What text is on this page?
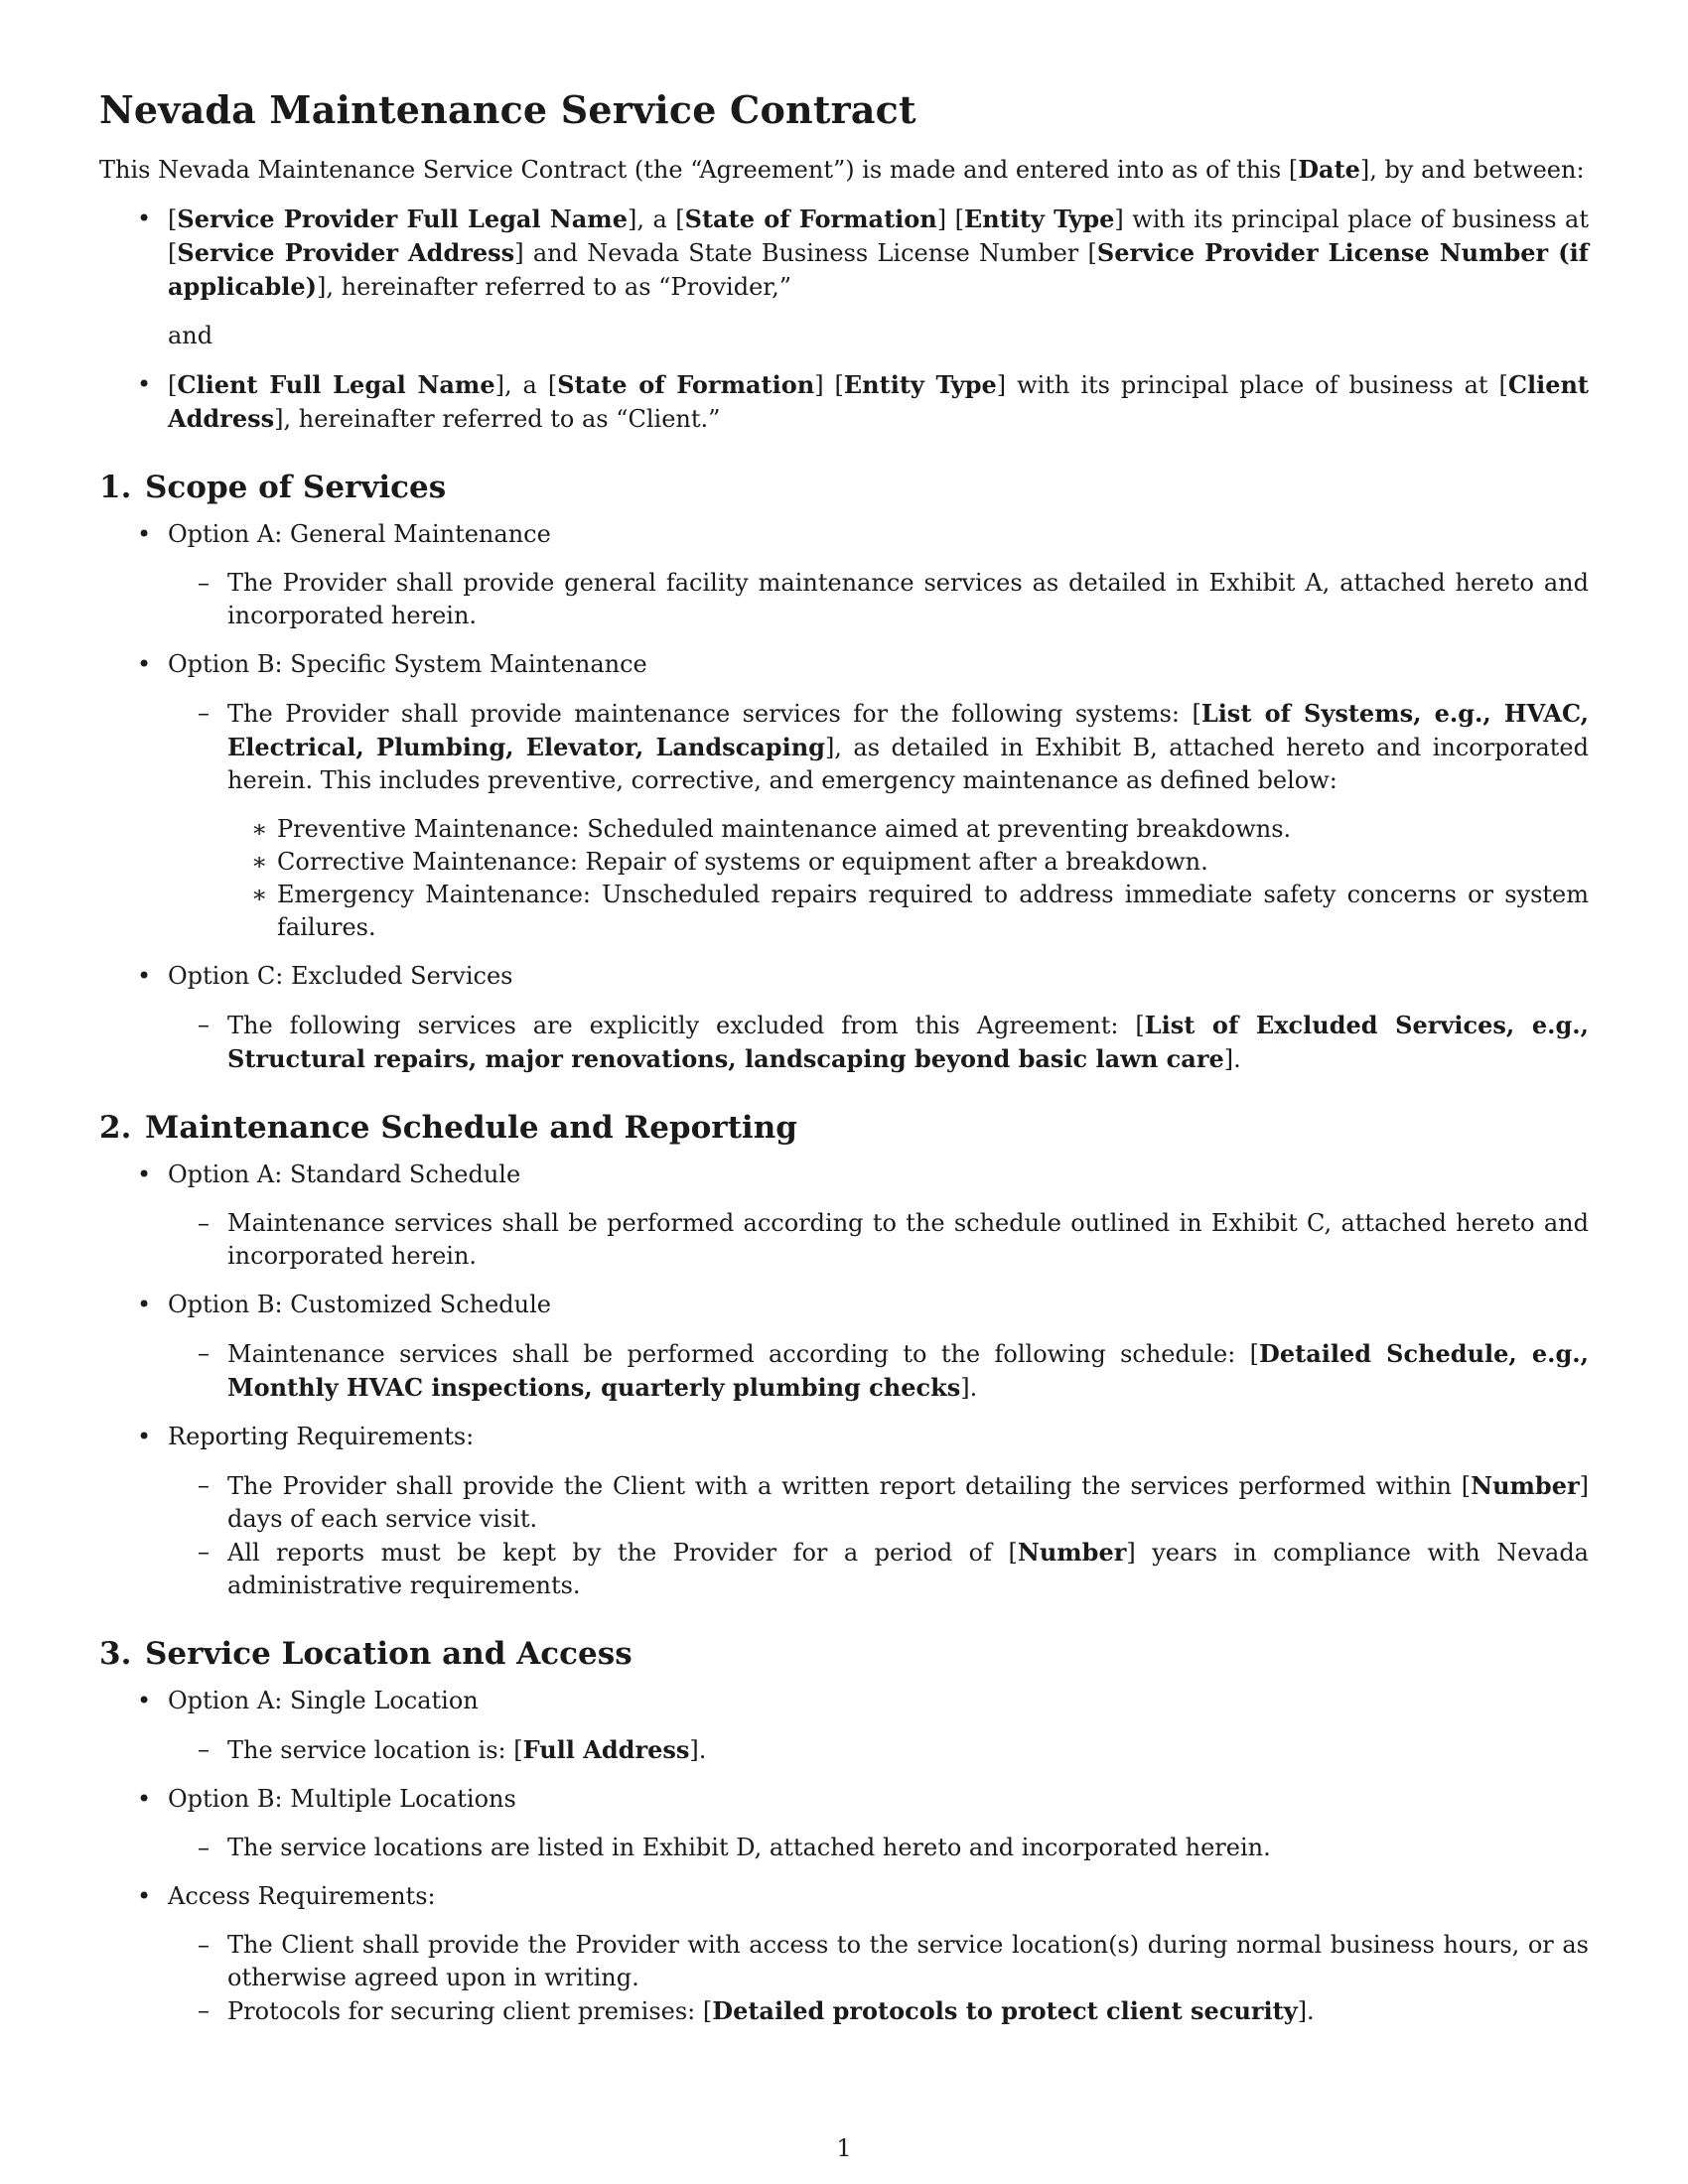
Nevada Maintenance Service Contract

This Nevada Maintenance Service Contract (the “Agreement”) is made and entered into as of this [Date], by and between:

• [Service Provider Full Legal Name], a [State of Formation] [Entity Type] with its principal place of business at [Service Provider Address] and Nevada State Business License Number [Service Provider License Number (if applicable)], hereinafter referred to as “Provider,”
and
• [Client Full Legal Name], a [State of Formation] [Entity Type] with its principal place of business at [Client Address], hereinafter referred to as “Client.”
1. Scope of Services
• Option A: General Maintenance
– The Provider shall provide general facility maintenance services as detailed in Exhibit A, attached hereto and incorporated herein.
• Option B: Specific System Maintenance
– The Provider shall provide maintenance services for the following systems: [List of Systems, e.g., HVAC, Electrical, Plumbing, Elevator, Landscaping], as detailed in Exhibit B, attached hereto and incorporated herein. This includes preventive, corrective, and emergency maintenance as defined below:
∗ Preventive Maintenance: Scheduled maintenance aimed at preventing breakdowns.
∗ Corrective Maintenance: Repair of systems or equipment after a breakdown.
∗ Emergency Maintenance: Unscheduled repairs required to address immediate safety concerns or system failures.
• Option C: Excluded Services
– The following services are explicitly excluded from this Agreement: [List of Excluded Services, e.g., Structural repairs, major renovations, landscaping beyond basic lawn care].
2. Maintenance Schedule and Reporting
• Option A: Standard Schedule
– Maintenance services shall be performed according to the schedule outlined in Exhibit C, attached hereto and incorporated herein.
• Option B: Customized Schedule
– Maintenance services shall be performed according to the following schedule: [Detailed Schedule, e.g., Monthly HVAC inspections, quarterly plumbing checks].
• Reporting Requirements:
– The Provider shall provide the Client with a written report detailing the services performed within [Number] days of each service visit.
– All reports must be kept by the Provider for a period of [Number] years in compliance with Nevada administrative requirements.
3. Service Location and Access
• Option A: Single Location
– The service location is: [Full Address].
• Option B: Multiple Locations
– The service locations are listed in Exhibit D, attached hereto and incorporated herein.
• Access Requirements:
– The Client shall provide the Provider with access to the service location(s) during normal business hours, or as otherwise agreed upon in writing.
– Protocols for securing client premises: [Detailed protocols to protect client security].
1
